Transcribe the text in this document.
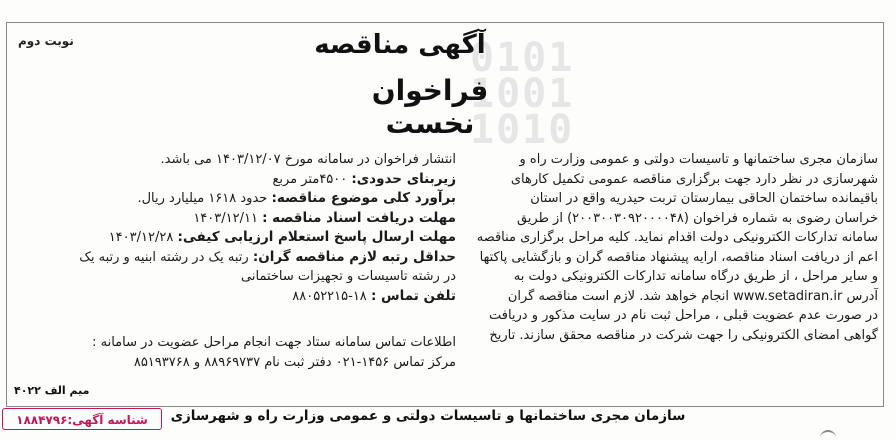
0101
1001
1010
نوبت دوم	آگهی مناقصه
فراخوان نخست

سازمان مجری ساختمانها و تاسیسات دولتی و عمومی وزارت راه و

شهرسازی در نظر دارد جهت برگزاری مناقصه عمومی تکمیل کارهای

باقیمانده ساختمان الحاقی بیمارستان تربت حیدریه واقع در استان

خراسان رضوی به شماره فراخوان (۲۰۰۳۰۰۳۰۹۲۰۰۰۰۴۸) از طریق

سامانه تدارکات الکترونیکی دولت اقدام نماید. کلیه مراحل برگزاری مناقصه

اعم از دریافت اسناد مناقصه، ارایه پیشنهاد مناقصه گران و بازگشایی پاکتها

و سایر مراحل ، از طریق درگاه سامانه تدارکات الکترونیکی دولت به

آدرس www.setadiran.ir انجام خواهد شد. لازم است مناقصه گران

در صورت عدم عضویت قبلی ، مراحل ثبت نام در سایت مذکور و دریافت

گواهی امضای الکترونیکی را جهت شرکت در مناقصه محقق سازند. تاریخ

انتشار فراخوان در سامانه مورخ ۱۴۰۳/۱۲/۰۷ می باشد.
زیربنای حدودی: ۴۵۰۰متر مربع
برآورد کلی موضوع مناقصه: حدود ۱۶۱۸ میلیارد ریال.
مهلت دریافت اسناد مناقصه : ۱۴۰۳/۱۲/۱۱
مهلت ارسال پاسخ استعلام ارزیابی کیفی: ۱۴۰۳/۱۲/۲۸
حداقل رتبه لازم مناقصه گران: رتبه یک در رشته ابنیه و رتبه یک
در رشته تاسیسات و تجهیزات ساختمانی
تلفن تماس : ۱۸-۸۸۰۵۲۲۱۵
اطلاعات تماس سامانه ستاد جهت انجام مراحل عضویت در سامانه :
مرکز تماس ۱۴۵۶-۰۲۱ دفتر ثبت نام ۸۸۹۶۹۷۳۷ و ۸۵۱۹۳۷۶۸
میم الف ۴۰۲۲
شناسه آگهی:۱۸۸۴۷۹۶	سازمان مجری ساختمانها و تاسیسات دولتی و عمومی وزارت راه و شهرسازی
